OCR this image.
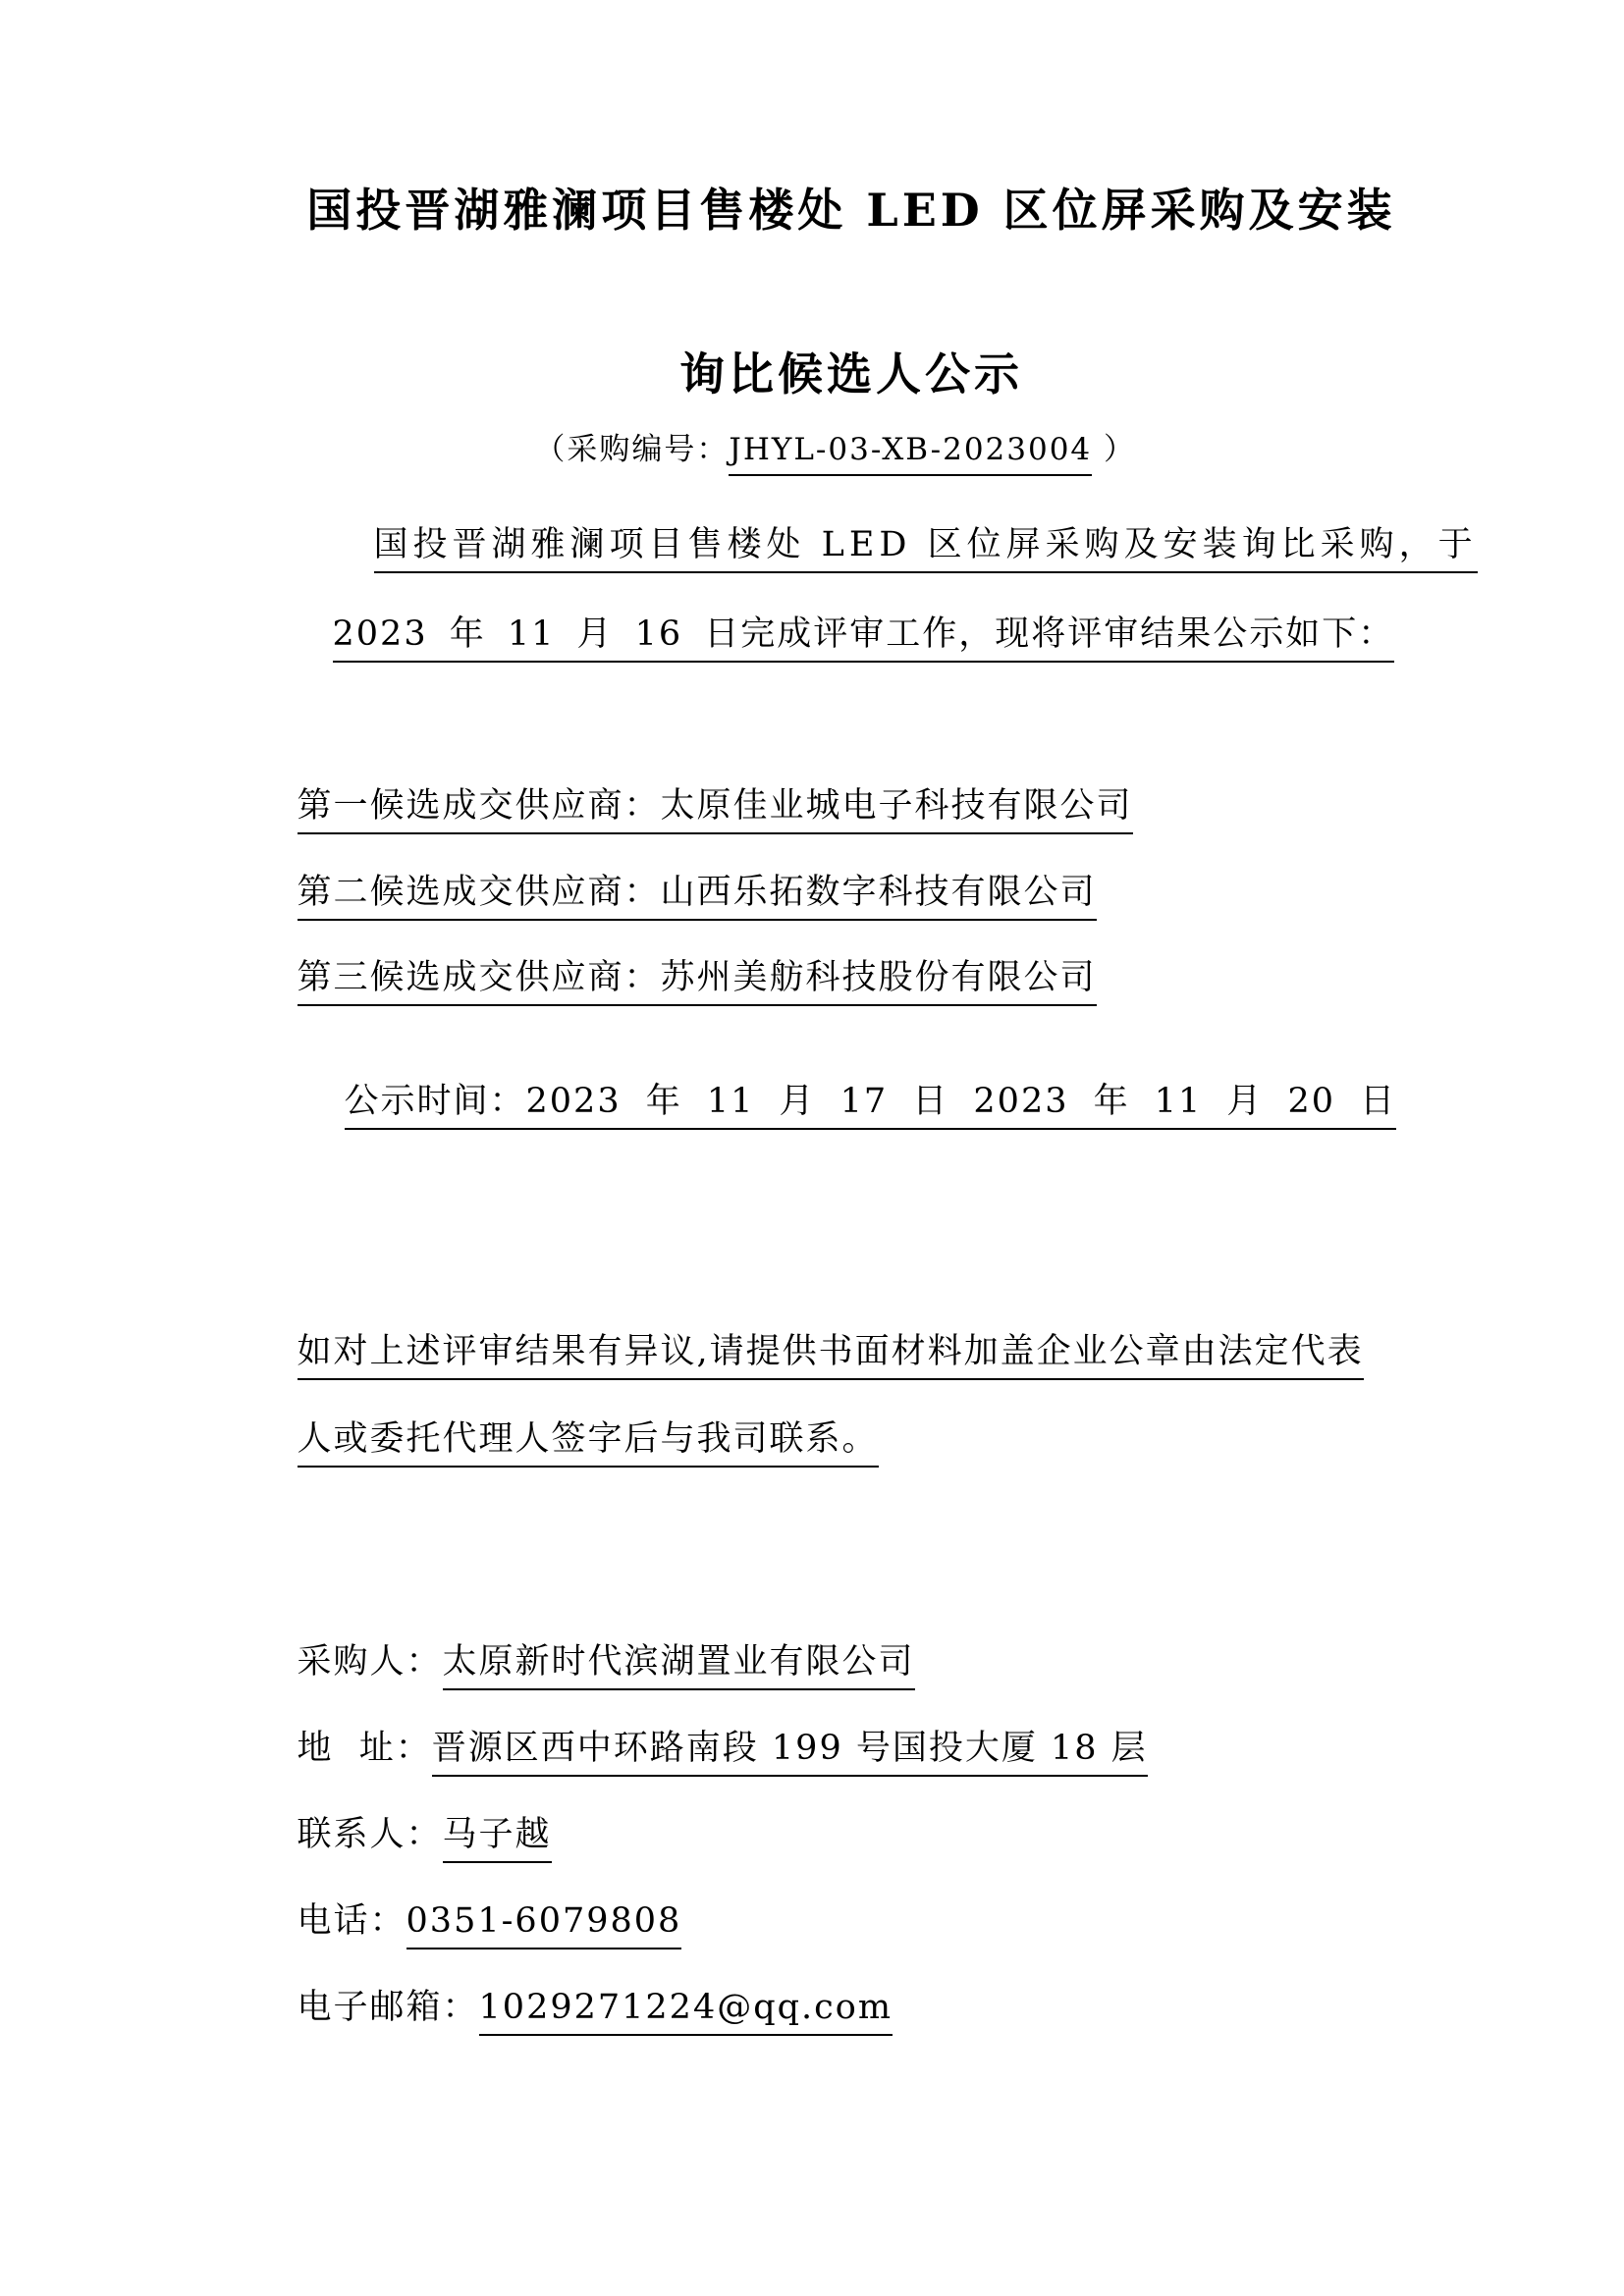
国投晋湖雅澜项目售楼处 LED 区位屏采购及安装

询比候选人公示

（采购编号：JHYL-03-XB-2023004 ）

国投晋湖雅澜项目售楼处 LED 区位屏采购及安装询比采购，于

2023 年 11 月 16 日完成评审工作，现将评审结果公示如下：

第一候选成交供应商：太原佳业城电子科技有限公司

第二候选成交供应商：山西乐拓数字科技有限公司

第三候选成交供应商：苏州美舫科技股份有限公司

公示时间：2023 年 11 月 17 日 2023 年 11 月 20 日

如对上述评审结果有异议,请提供书面材料加盖企业公章由法定代表

人或委托代理人签字后与我司联系。

采购人：太原新时代滨湖置业有限公司

地  址：晋源区西中环路南段 199 号国投大厦 18 层

联系人：马子越

电话：0351-6079808

电子邮箱：1029271224@qq.com
